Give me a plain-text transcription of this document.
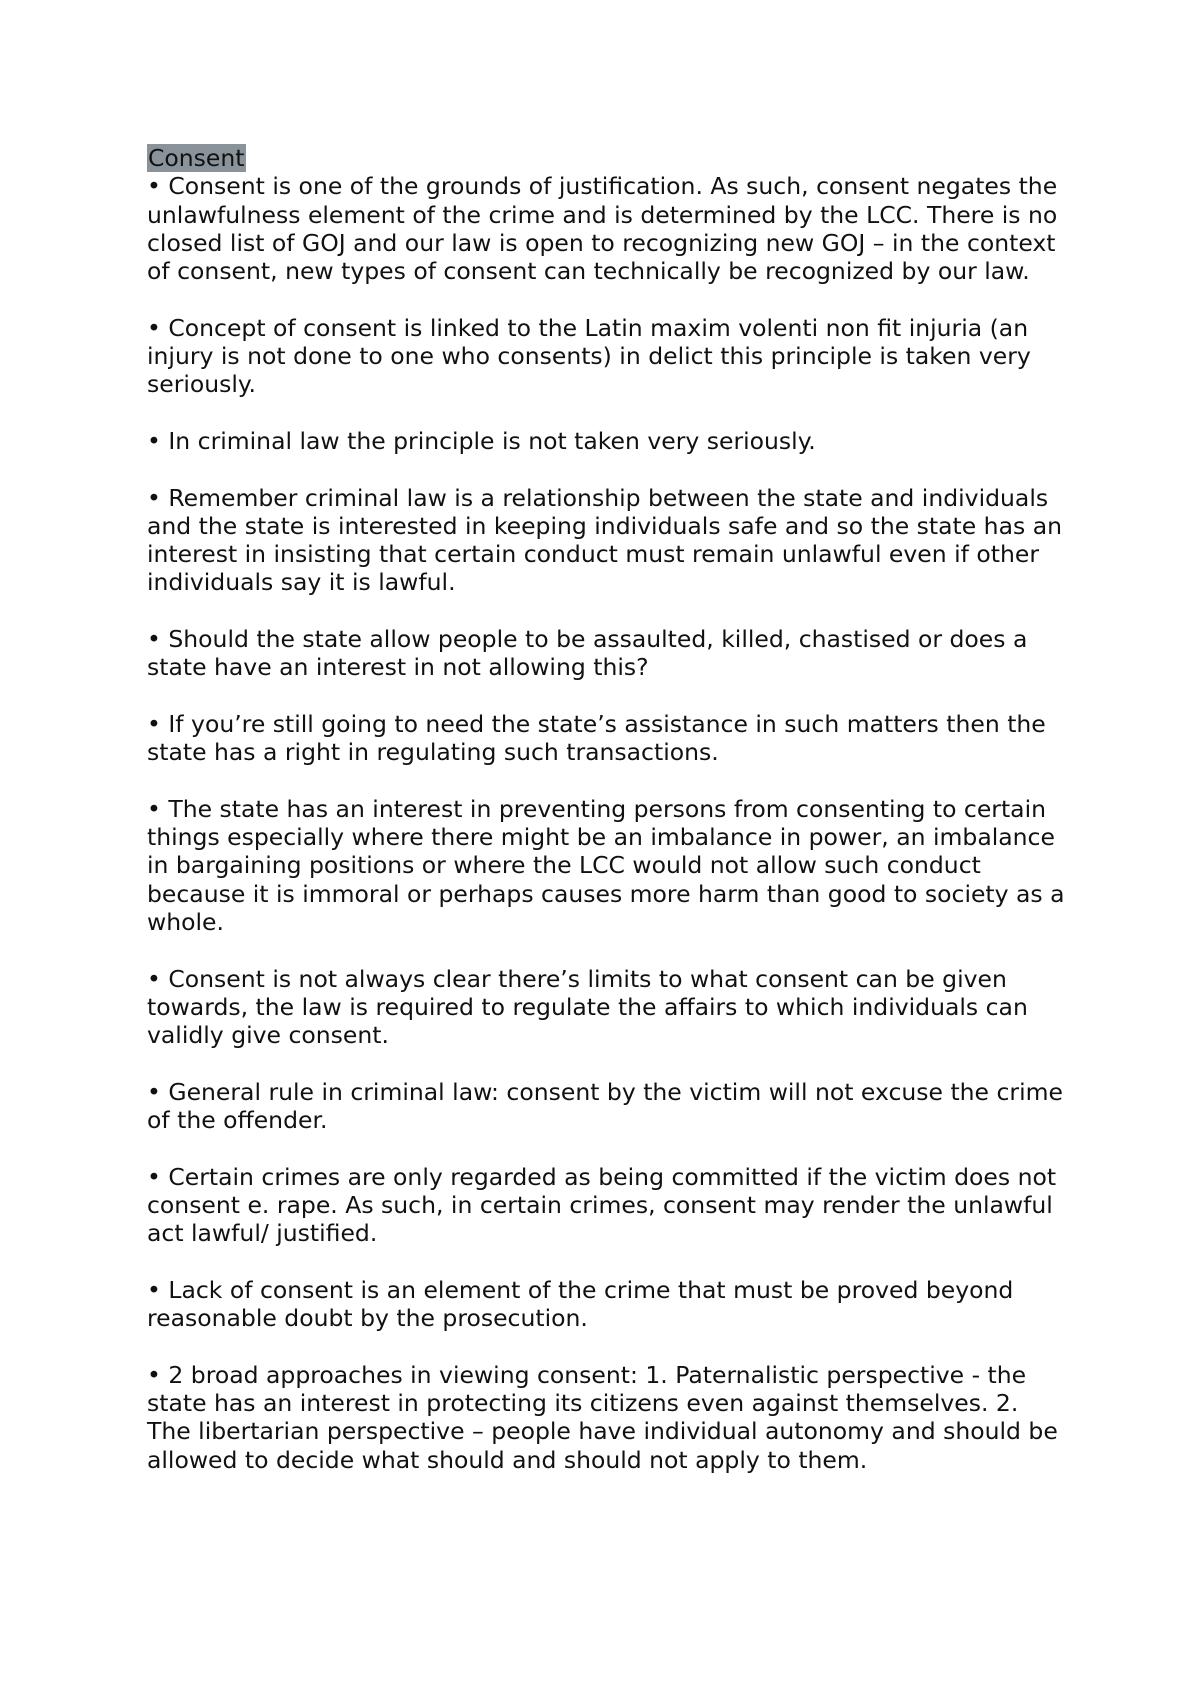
Consent

• Consent is one of the grounds of justification. As such, consent negates the unlawfulness element of the crime and is determined by the LCC. There is no closed list of GOJ and our law is open to recognizing new GOJ – in the context of consent, new types of consent can technically be recognized by our law.

• Concept of consent is linked to the Latin maxim volenti non fit injuria (an injury is not done to one who consents) in delict this principle is taken very seriously.

• In criminal law the principle is not taken very seriously.

• Remember criminal law is a relationship between the state and individuals and the state is interested in keeping individuals safe and so the state has an interest in insisting that certain conduct must remain unlawful even if other individuals say it is lawful.

• Should the state allow people to be assaulted, killed, chastised or does a state have an interest in not allowing this?

• If you’re still going to need the state’s assistance in such matters then the state has a right in regulating such transactions.

• The state has an interest in preventing persons from consenting to certain things especially where there might be an imbalance in power, an imbalance in bargaining positions or where the LCC would not allow such conduct because it is immoral or perhaps causes more harm than good to society as a whole.

• Consent is not always clear there’s limits to what consent can be given towards, the law is required to regulate the affairs to which individuals can validly give consent.

• General rule in criminal law: consent by the victim will not excuse the crime of the offender.

• Certain crimes are only regarded as being committed if the victim does not consent e. rape. As such, in certain crimes, consent may render the unlawful act lawful/ justified.

• Lack of consent is an element of the crime that must be proved beyond reasonable doubt by the prosecution.

• 2 broad approaches in viewing consent: 1. Paternalistic perspective - the state has an interest in protecting its citizens even against themselves. 2. The libertarian perspective – people have individual autonomy and should be allowed to decide what should and should not apply to them.
